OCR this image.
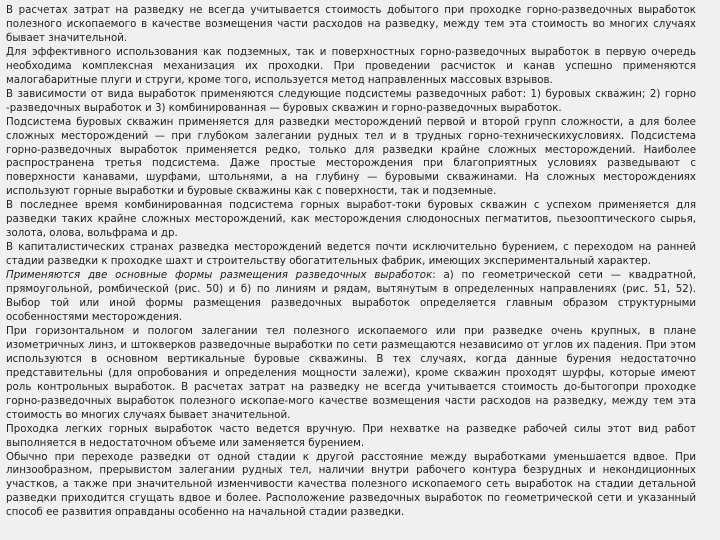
В расчетах затрат на разведку не всегда учитывается стоимость добытого при проходке горно-разведочных выработок полезного ископаемого в качестве возмещения части расходов на разведку, между тем эта стоимость во многих случаях бывает значительной.

Для эффективного использования как подземных, так и поверхностных горно-разведочных выработок в первую очередь необходима комплексная механизация их проходки. При проведении расчисток и канав успешно применяются малогабаритные плуги и струги, кроме того, используется метод направленных массовых взрывов.

В зависимости от вида выработок применяются следующие подсистемы разведочных работ: 1) буровых скважин; 2) горно -разведочных выработок и 3) комбинированная — буровых скважин и горно-разведочных выработок.

Подсистема буровых скважин применяется для разведки месторождений первой и второй групп сложности, а для более сложных месторождений — при глубоком залегании рудных тел и в трудных горно-техническихусловиях. Подсистема горно-разведочных выработок применяется редко, только для разведки крайне сложных месторождений. Наиболее распространена третья подсистема. Даже простые месторождения при благоприятных условиях разведывают с поверхности канавами, шурфами, штольнями, а на глубину — буровыми скважинами. На сложных месторождениях используют горные выработки и буровые скважины как с поверхности, так и подземные.

В последнее время комбинированная подсистема горных выработ-токи буровых скважин с успехом применяется для разведки таких крайне сложных месторождений, как месторождения слюдоносных пегматитов, пьезооптического сырья, золота, олова, вольфрама и др.

В капиталистических странах разведка месторождений ведется почти исключительно бурением, с переходом на ранней стадии разведки к проходке шахт и строительству обогатительных фабрик, имеющих экспериментальный характер.

Применяются две основные формы размещения разведочных выработок: а) по геометрической сети — квадратной, прямоугольной, ромбической (рис. 50) и б) по линиям и рядам, вытянутым в определенных направлениях (рис. 51, 52). Выбор той или иной формы размещения разведочных выработок определяется главным образом структурными особенностями месторождения.

При горизонтальном и пологом залегании тел полезного ископаемого или при разведке очень крупных, в плане изометричных линз, и штокверков разведочные выработки по сети размещаются независимо от углов их падения. При этом используются в основном вертикальные буровые скважины. В тех случаях, когда данные бурения недостаточно представительны (для опробования и определения мощности залежи), кроме скважин проходят шурфы, которые имеют роль контрольных выработок. В расчетах затрат на разведку не всегда учитывается стоимость до-бытогопри проходке горно-разведочных выработок полезного ископае-мого качестве возмещения части расходов на разведку, между тем эта стоимость во многих случаях бывает значительной.

Проходка легких горных выработок часто ведется вручную. При нехватке на разведке рабочей силы этот вид работ выполняется в недостаточном объеме или заменяется бурением.

Обычно при переходе разведки от одной стадии к другой расстояние между выработками уменьшается вдвое. При линзообразном, прерывистом залегании рудных тел, наличии внутри рабочего контура безрудных и некондиционных участков, а также при значительной изменчивости качества полезного ископаемого сеть выработок на стадии детальной разведки приходится сгущать вдвое и более. Расположение разведочных выработок по геометрической сети и указанный способ ее развития оправданы особенно на начальной стадии разведки.
